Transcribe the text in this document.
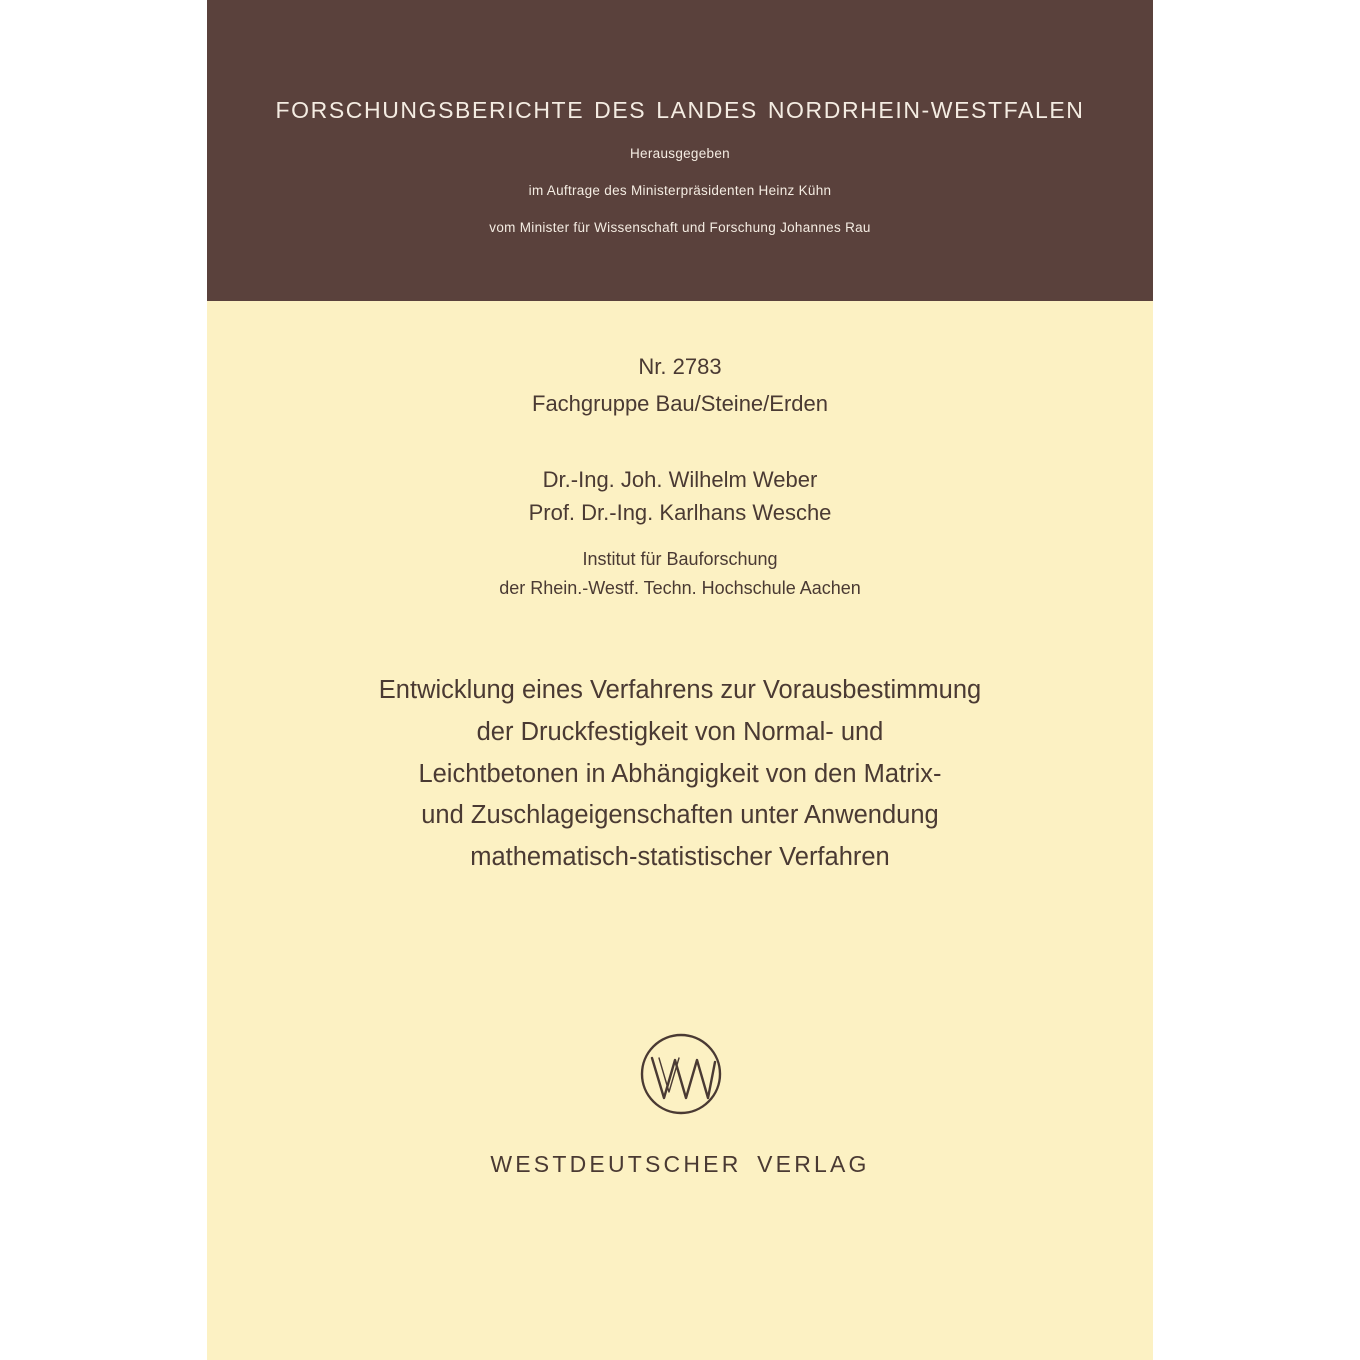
FORSCHUNGSBERICHTE DES LANDES NORDRHEIN-WESTFALEN
Herausgegeben
im Auftrage des Ministerpräsidenten Heinz Kühn
vom Minister für Wissenschaft und Forschung Johannes Rau
Nr. 2783
Fachgruppe Bau/Steine/Erden
Dr.-Ing. Joh. Wilhelm Weber
Prof. Dr.-Ing. Karlhans Wesche
Institut für Bauforschung
der Rhein.-Westf. Techn. Hochschule Aachen
Entwicklung eines Verfahrens zur Vorausbestimmung
der Druckfestigkeit von Normal- und
Leichtbetonen in Abhängigkeit von den Matrix-
und Zuschlageigenschaften unter Anwendung
mathematisch-statistischer Verfahren
WESTDEUTSCHER VERLAG
